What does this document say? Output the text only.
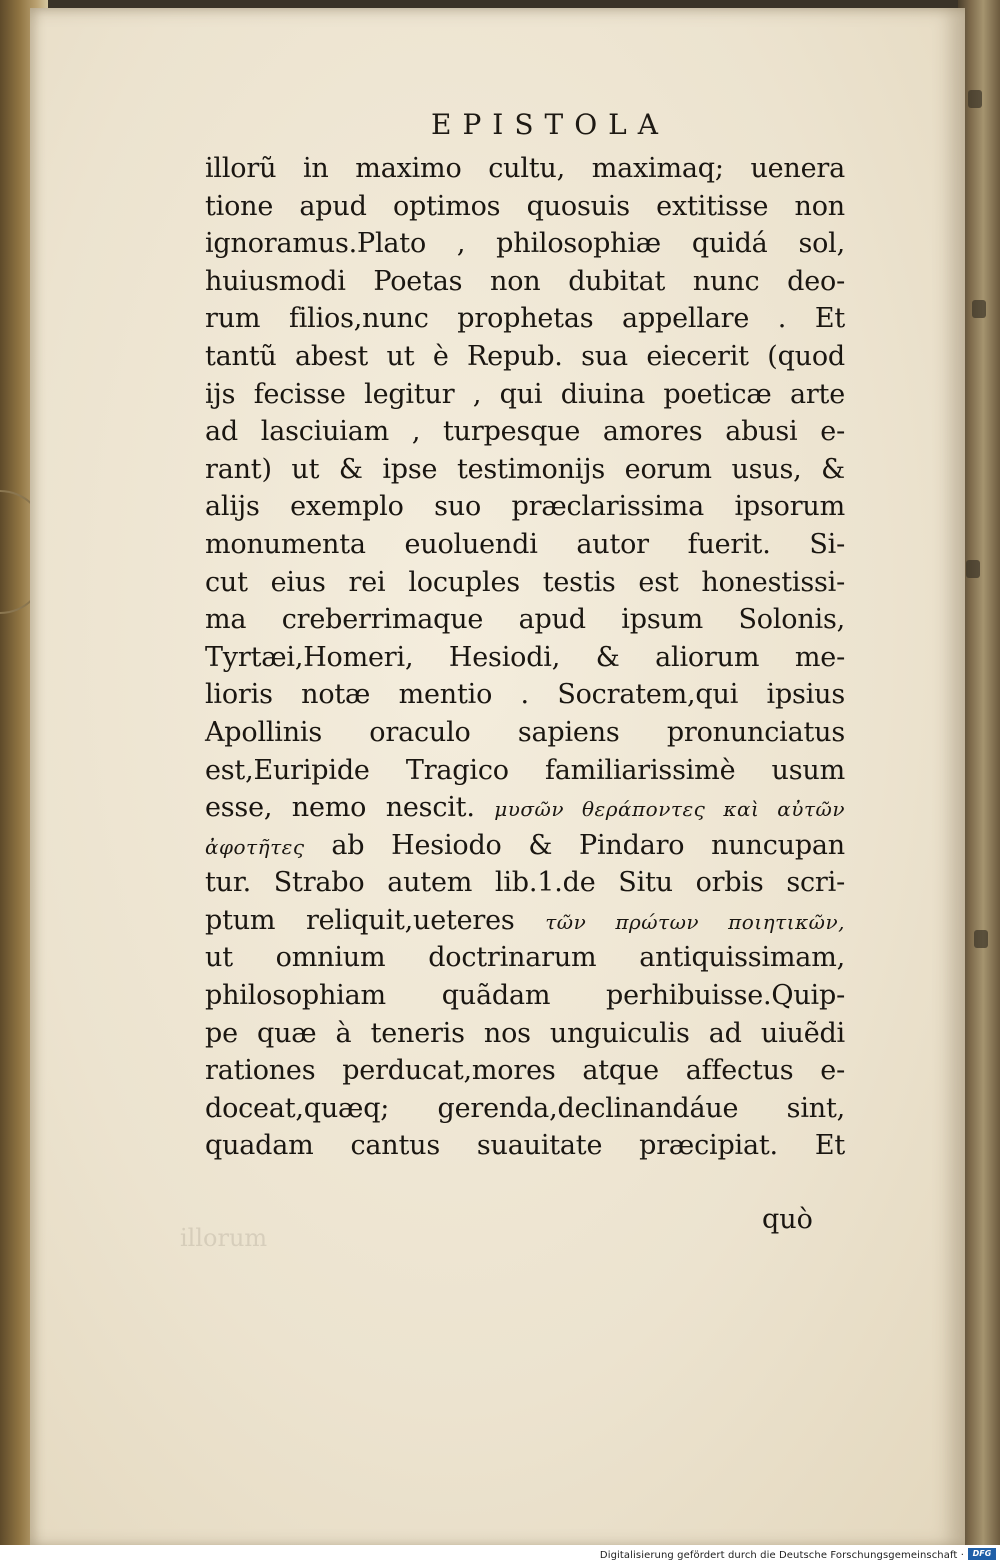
EPISTOLA
illorũ in maximo cultu, maximaq; uenera
tione apud optimos quosuis extitisse non
ignoramus.Plato , philosophiæ quidá sol,
huiusmodi Poetas non dubitat nunc deo-
rum filios,nunc prophetas appellare . Et
tantũ abest ut è Repub. sua eiecerit (quod
ijs fecisse legitur , qui diuina poeticæ arte
ad lasciuiam , turpesque amores abusi e-
rant) ut & ipse testimonijs eorum usus, &
alijs exemplo suo præclarissima ipsorum
monumenta euoluendi autor fuerit. Si-
cut eius rei locuples testis est honestissi-
ma creberrimaque apud ipsum Solonis,
Tyrtæi,Homeri, Hesiodi, & aliorum me-
lioris notæ mentio . Socratem,qui ipsius
Apollinis oraculo sapiens pronunciatus
est,Euripide Tragico familiarissimè usum
esse, nemo nescit. μυσῶν θεράποντες καὶ αὐτῶν
ἀφοτῆτες ab Hesiodo & Pindaro nuncupan
tur. Strabo autem lib.1.de Situ orbis scri-
ptum reliquit,ueteres τῶν πρώτων ποιητικῶν,
ut omnium doctrinarum antiquissimam,
philosophiam quãdam perhibuisse.Quip-
pe quæ à teneris nos unguiculis ad uiuẽdi
rationes perducat,mores atque affectus e-
doceat,quæq; gerenda,declinandáue sint,
quadam cantus suauitate præcipiat. Et
quò
illorum
Digitalisierung gefördert durch die Deutsche Forschungsgemeinschaft ·	DFG
